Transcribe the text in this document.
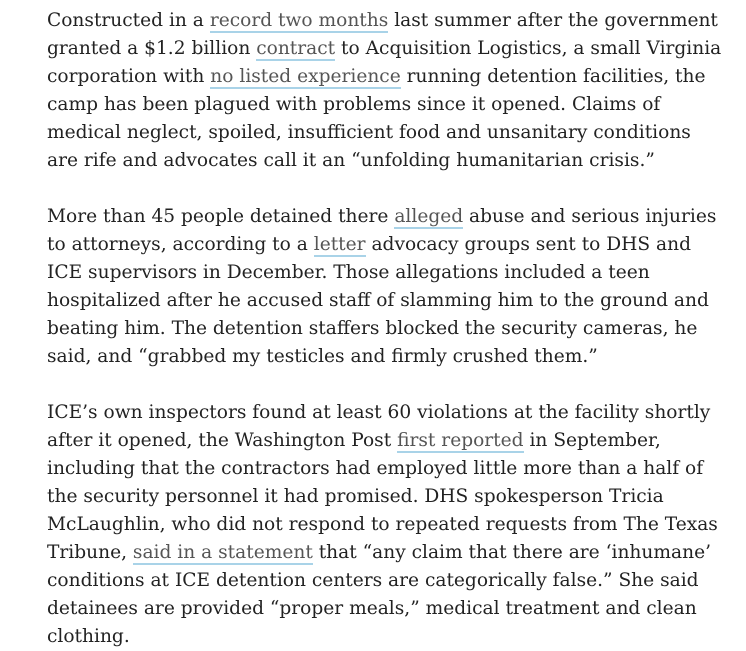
Constructed in a record two months last summer after the government granted a $1.2 billion contract to Acquisition Logistics, a small Virginia corporation with no listed experience running detention facilities, the camp has been plagued with problems since it opened. Claims of medical neglect, spoiled, insufficient food and unsanitary conditions are rife and advocates call it an “unfolding humanitarian crisis.”

More than 45 people detained there alleged abuse and serious injuries to attorneys, according to a letter advocacy groups sent to DHS and ICE supervisors in December. Those allegations included a teen hospitalized after he accused staff of slamming him to the ground and beating him. The detention staffers blocked the security cameras, he said, and “grabbed my testicles and firmly crushed them.”

ICE’s own inspectors found at least 60 violations at the facility shortly after it opened, the Washington Post first reported in September, including that the contractors had employed little more than a half of the security personnel it had promised. DHS spokesperson Tricia McLaughlin, who did not respond to repeated requests from The Texas Tribune, said in a statement that “any claim that there are ‘inhumane’ conditions at ICE detention centers are categorically false.” She said detainees are provided “proper meals,” medical treatment and clean clothing.
